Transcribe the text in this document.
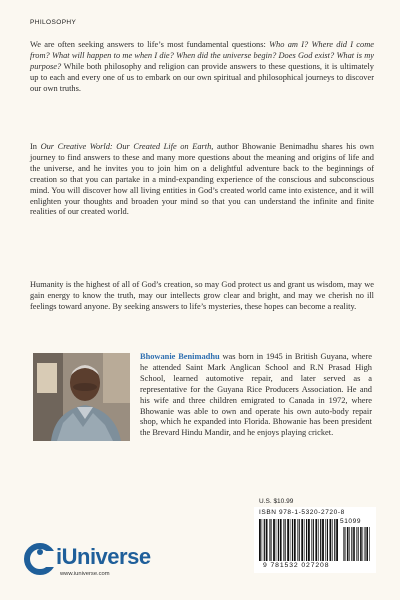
PHILOSOPHY

We are often seeking answers to life’s most fundamental questions: Who am I? Where did I come from? What will happen to me when I die? When did the universe begin? Does God exist? What is my purpose? While both philosophy and religion can provide answers to these questions, it is ultimately up to each and every one of us to embark on our own spiritual and philosophical journeys to discover our own truths.

In Our Creative World: Our Created Life on Earth, author Bhowanie Benimadhu shares his own journey to find answers to these and many more questions about the meaning and origins of life and the universe, and he invites you to join him on a delightful adventure back to the beginnings of creation so that you can partake in a mind-expanding experience of the conscious and subconscious mind. You will discover how all living entities in God’s created world came into existence, and it will enlighten your thoughts and broaden your mind so that you can understand the infinite and finite realities of our created world.

Humanity is the highest of all of God’s creation, so may God protect us and grant us wisdom, may we gain energy to know the truth, may our intellects grow clear and bright, and may we cherish no ill feelings toward anyone. By seeking answers to life’s mysteries, these hopes can become a reality.

Bhowanie Benimadhu was born in 1945 in British Guyana, where he attended Saint Mark Anglican School and R.N Prasad High School, learned automotive repair, and later served as a representative for the Guyana Rice Producers Association. He and his wife and three children emigrated to Canada in 1972, where Bhowanie was able to own and operate his own auto-body repair shop, which he expanded into Florida. Bhowanie has been president the Brevard Hindu Mandir, and he enjoys playing cricket.

U.S. $10.99
ISBN 978-1-5320-2720-8
51099
9 781532 027208
iUniverse
www.iuniverse.com
